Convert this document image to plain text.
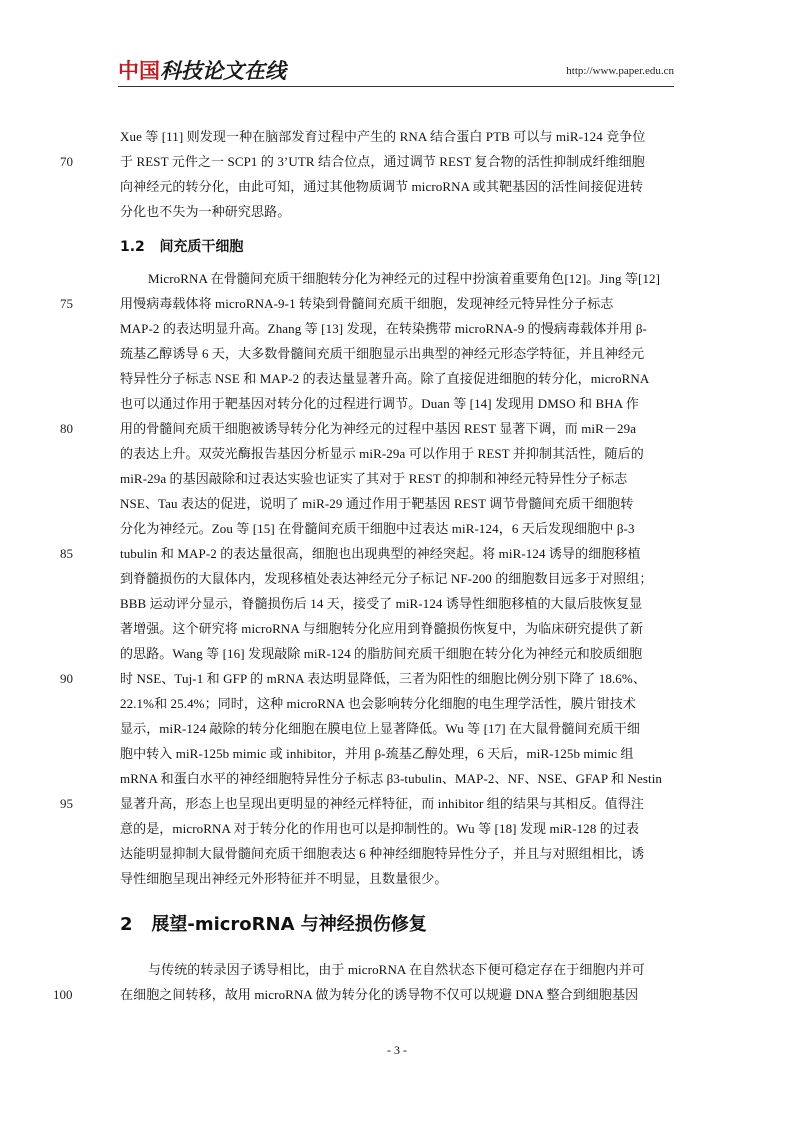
中国科技论文在线	http://www.paper.edu.cn
Xue 等 [11] 则发现一种在脑部发育过程中产生的 RNA 结合蛋白 PTB 可以与 miR-124 竞争位
于 REST 元件之一 SCP1 的 3’UTR 结合位点，通过调节 REST 复合物的活性抑制成纤维细胞
向神经元的转分化，由此可知，通过其他物质调节 microRNA 或其靶基因的活性间接促进转
分化也不失为一种研究思路。
1.2 间充质干细胞
MicroRNA 在骨髓间充质干细胞转分化为神经元的过程中扮演着重要角色[12]。Jing 等[12]
用慢病毒载体将 microRNA-9-1 转染到骨髓间充质干细胞，发现神经元特异性分子标志
MAP-2 的表达明显升高。Zhang 等 [13] 发现，在转染携带 microRNA-9 的慢病毒载体并用 β-
巯基乙醇诱导 6 天，大多数骨髓间充质干细胞显示出典型的神经元形态学特征，并且神经元
特异性分子标志 NSE 和 MAP-2 的表达量显著升高。除了直接促进细胞的转分化，microRNA
也可以通过作用于靶基因对转分化的过程进行调节。Duan 等 [14] 发现用 DMSO 和 BHA 作
用的骨髓间充质干细胞被诱导转分化为神经元的过程中基因 REST 显著下调，而 miR－29a
的表达上升。双荧光酶报告基因分析显示 miR-29a 可以作用于 REST 并抑制其活性，随后的
miR-29a 的基因敲除和过表达实验也证实了其对于 REST 的抑制和神经元特异性分子标志
NSE、Tau 表达的促进，说明了 miR-29 通过作用于靶基因 REST 调节骨髓间充质干细胞转
分化为神经元。Zou 等 [15] 在骨髓间充质干细胞中过表达 miR-124，6 天后发现细胞中 β-3
tubulin 和 MAP-2 的表达量很高，细胞也出现典型的神经突起。将 miR-124 诱导的细胞移植
到脊髓损伤的大鼠体内，发现移植处表达神经元分子标记 NF-200 的细胞数目远多于对照组；
BBB 运动评分显示，脊髓损伤后 14 天，接受了 miR-124 诱导性细胞移植的大鼠后肢恢复显
著增强。这个研究将 microRNA 与细胞转分化应用到脊髓损伤恢复中，为临床研究提供了新
的思路。Wang 等 [16] 发现敲除 miR-124 的脂肪间充质干细胞在转分化为神经元和胶质细胞
时 NSE、Tuj-1 和 GFP 的 mRNA 表达明显降低，三者为阳性的细胞比例分别下降了 18.6%、
22.1%和 25.4%；同时，这种 microRNA 也会影响转分化细胞的电生理学活性，膜片钳技术
显示，miR-124 敲除的转分化细胞在膜电位上显著降低。Wu 等 [17] 在大鼠骨髓间充质干细
胞中转入 miR-125b mimic 或 inhibitor，并用 β-巯基乙醇处理，6 天后，miR-125b mimic 组
mRNA 和蛋白水平的神经细胞特异性分子标志 β3-tubulin、MAP-2、NF、NSE、GFAP 和 Nestin
显著升高，形态上也呈现出更明显的神经元样特征，而 inhibitor 组的结果与其相反。值得注
意的是，microRNA 对于转分化的作用也可以是抑制性的。Wu 等 [18] 发现 miR-128 的过表
达能明显抑制大鼠骨髓间充质干细胞表达 6 种神经细胞特异性分子，并且与对照组相比，诱
导性细胞呈现出神经元外形特征并不明显，且数量很少。
2 展望-microRNA 与神经损伤修复
与传统的转录因子诱导相比，由于 microRNA 在自然状态下便可稳定存在于细胞内并可
在细胞之间转移，故用 microRNA 做为转分化的诱导物不仅可以规避 DNA 整合到细胞基因
70
75
80
85
90
95
100
- 3 -
